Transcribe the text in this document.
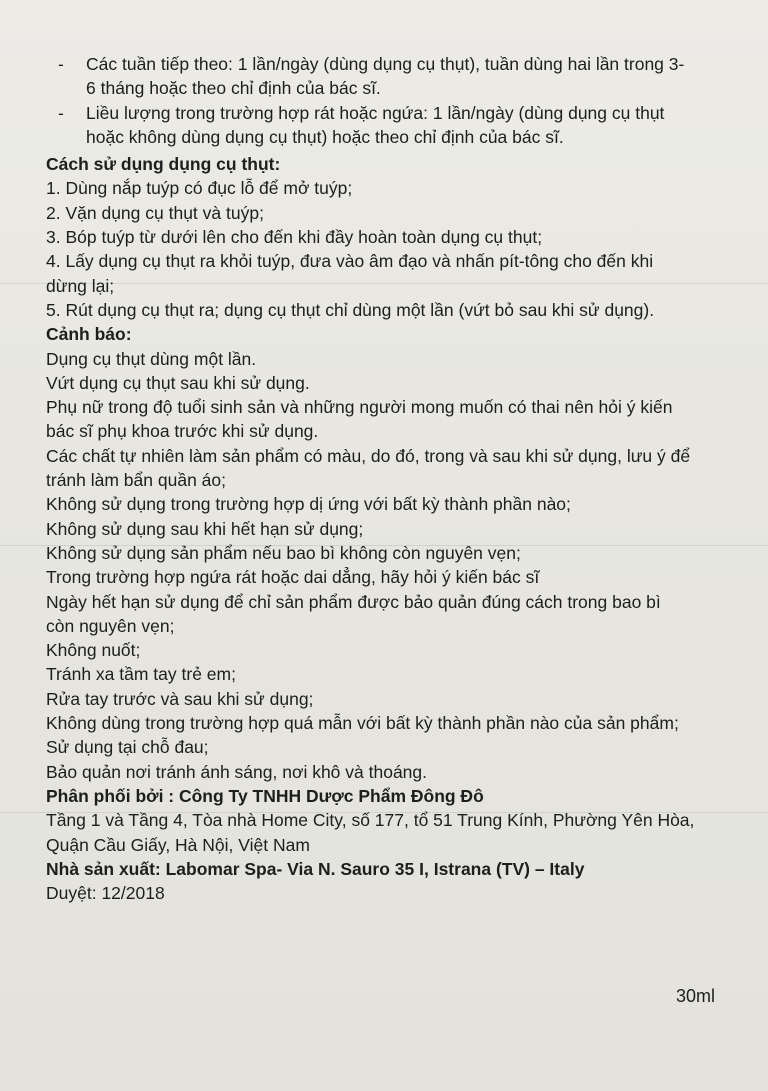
- Các tuần tiếp theo: 1 lần/ngày (dùng dụng cụ thụt), tuần dùng hai lần trong 3-
6 tháng hoặc theo chỉ định của bác sĩ.
- Liều lượng trong trường hợp rát hoặc ngứa: 1 lần/ngày (dùng dụng cụ thụt
hoặc không dùng dụng cụ thụt) hoặc theo chỉ định của bác sĩ.

Cách sử dụng dụng cụ thụt:

1. Dùng nắp tuýp có đục lỗ để mở tuýp;

2. Vặn dụng cụ thụt và tuýp;

3. Bóp tuýp từ dưới lên cho đến khi đầy hoàn toàn dụng cụ thụt;

4. Lấy dụng cụ thụt ra khỏi tuýp, đưa vào âm đạo và nhấn pít-tông cho đến khi

dừng lại;

5. Rút dụng cụ thụt ra; dụng cụ thụt chỉ dùng một lần (vứt bỏ sau khi sử dụng).

Cảnh báo:

Dụng cụ thụt dùng một lần.

Vứt dụng cụ thụt sau khi sử dụng.

Phụ nữ trong độ tuổi sinh sản và những người mong muốn có thai nên hỏi ý kiến

bác sĩ phụ khoa trước khi sử dụng.

Các chất tự nhiên làm sản phẩm có màu, do đó, trong và sau khi sử dụng, lưu ý để

tránh làm bẩn quần áo;

Không sử dụng trong trường hợp dị ứng với bất kỳ thành phần nào;

Không sử dụng sau khi hết hạn sử dụng;

Không sử dụng sản phẩm nếu bao bì không còn nguyên vẹn;

Trong trường hợp ngứa rát hoặc dai dẳng, hãy hỏi ý kiến bác sĩ

Ngày hết hạn sử dụng để chỉ sản phẩm được bảo quản đúng cách trong bao bì

còn nguyên vẹn;

Không nuốt;

Tránh xa tầm tay trẻ em;

Rửa tay trước và sau khi sử dụng;

Không dùng trong trường hợp quá mẫn với bất kỳ thành phần nào của sản phẩm;

Sử dụng tại chỗ đau;

Bảo quản nơi tránh ánh sáng, nơi khô và thoáng.

Phân phối bởi : Công Ty TNHH Dược Phẩm Đông Đô

Tầng 1 và Tầng 4, Tòa nhà Home City, số 177, tổ 51 Trung Kính, Phường Yên Hòa,

Quận Cầu Giấy, Hà Nội, Việt Nam

Nhà sản xuất: Labomar Spa- Via N. Sauro 35 I, Istrana (TV) – Italy

Duyệt: 12/2018

30ml
